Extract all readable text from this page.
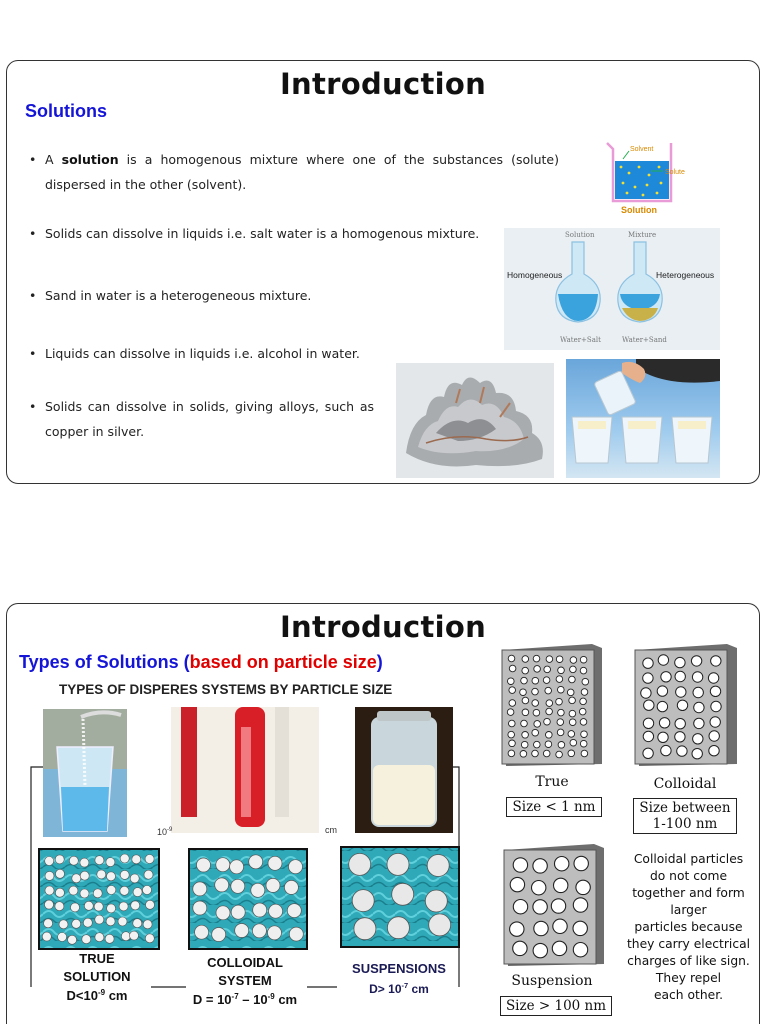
Introduction
Solutions
• A solution is a homogenous mixture where one of the substances (solute) dispersed in the other (solvent).
• Solids can dissolve in liquids i.e. salt water is a homogenous mixture.
• Sand in water is a heterogeneous mixture.
• Liquids can dissolve in liquids i.e. alcohol in water.
• Solids can dissolve in solids, giving alloys, such as copper in silver.
Solvent
Solute
Solution
Solution	Mixture
Homogeneous	Heterogeneous
Water+Salt	Water+Sand
Introduction
Types of Solutions (based on particle size)
TYPES OF DISPERES SYSTEMS BY PARTICLE SIZE
$10^{-9}$	cm
TRUE
SOLUTION
$D<10^{-9}$ cm
COLLOIDAL
SYSTEM
$D = 10^{-7} - 10^{-9}$ cm
SUSPENSIONS
$D> 10^{-7}$ cm
True
Size < 1 nm
Colloidal
Size between
1-100 nm
Suspension
Size > 100 nm
Colloidal particles
do not come
together and form
larger
particles because
they carry electrical
charges of like sign.
They repel
each other.
